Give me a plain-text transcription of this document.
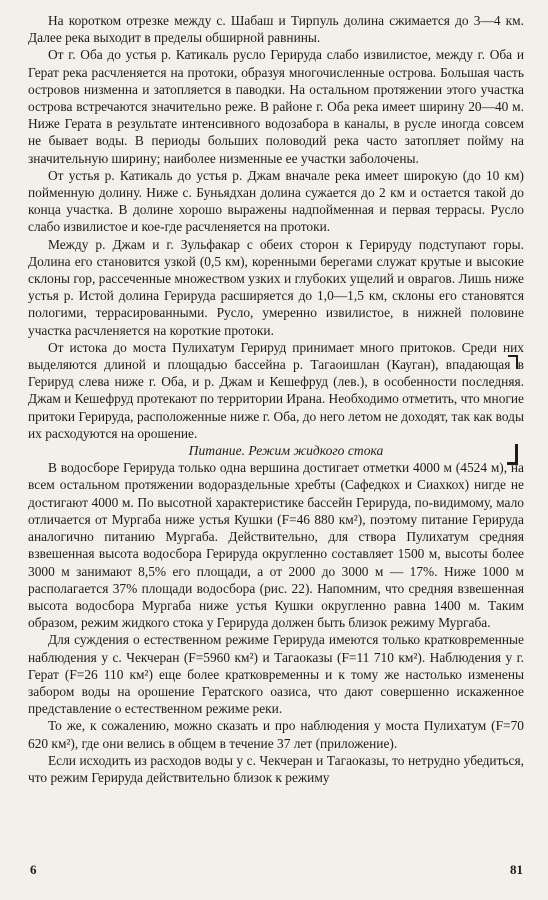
На коротком отрезке между с. Шабаш и Тирпуль долина сжимается до 3—4 км. Далее река выходит в пределы обширной равнины.

От г. Оба до устья р. Катикаль русло Герируда слабо извилистое, между г. Оба и Герат река расчленяется на протоки, образуя многочисленные острова. Большая часть островов низменна и затопляется в паводки. На остальном протяжении этого участка острова встречаются значительно реже. В районе г. Оба река имеет ширину 20—40 м. Ниже Герата в результате интенсивного водозабора в каналы, в русле иногда совсем не бывает воды. В периоды больших половодий река часто затопляет пойму на значительную ширину; наиболее низменные ее участки заболочены.

От устья р. Катикаль до устья р. Джам вначале река имеет широкую (до 10 км) пойменную долину. Ниже с. Буньядхан долина сужается до 2 км и остается такой до конца участка. В долине хорошо выражены надпойменная и первая террасы. Русло слабо извилистое и кое-где расчленяется на протоки.

Между р. Джам и г. Зульфакар с обеих сторон к Герируду подступают горы. Долина его становится узкой (0,5 км), коренными берегами служат крутые и высокие склоны гор, рассеченные множеством узких и глубоких ущелий и оврагов. Лишь ниже устья р. Истой долина Герируда расширяется до 1,0—1,5 км, склоны его становятся пологими, террасированными. Русло, умеренно извилистое, в нижней половине участка расчленяется на короткие протоки.

От истока до моста Пулихатум Герируд принимает много притоков. Среди них выделяются длиной и площадью бассейна р. Тагаоишлан (Кауган), впадающая в Герируд слева ниже г. Оба, и р. Джам и Кешефруд (лев.), в особенности последняя. Джам и Кешефруд протекают по территории Ирана. Необходимо отметить, что многие притоки Герируда, расположенные ниже г. Оба, до него летом не доходят, так как воды их расходуются на орошение.

Питание. Режим жидкого стока

В водосборе Герируда только одна вершина достигает отметки 4000 м (4524 м), на всем остальном протяжении водораздельные хребты (Сафедкох и Сиахкох) нигде не достигают 4000 м. По высотной характеристике бассейн Герируда, по-видимому, мало отличается от Мургаба ниже устья Кушки (F=46 880 км²), поэтому питание Герируда аналогично питанию Мургаба. Действительно, для створа Пулихатум средняя взвешенная высота водосбора Герируда округленно составляет 1500 м, высоты более 3000 м занимают 8,5% его площади, а от 2000 до 3000 м — 17%. Ниже 1000 м располагается 37% площади водосбора (рис. 22). Напомним, что средняя взвешенная высота водосбора Мургаба ниже устья Кушки округленно равна 1400 м. Таким образом, режим жидкого стока у Герируда должен быть близок режиму Мургаба.

Для суждения о естественном режиме Герируда имеются только кратковременные наблюдения у с. Чекчеран (F=5960 км²) и Тагаоказы (F=11 710 км²). Наблюдения у г. Герат (F=26 110 км²) еще более кратковременны и к тому же настолько изменены забором воды на орошение Гератского оазиса, что дают совершенно искаженное представление о естественном режиме реки.

То же, к сожалению, можно сказать и про наблюдения у моста Пулихатум (F=70 620 км²), где они велись в общем в течение 37 лет (приложение).

Если исходить из расходов воды у с. Чекчеран и Тагаоказы, то нетрудно убедиться, что режим Герируда действительно близок к режиму

6	81
